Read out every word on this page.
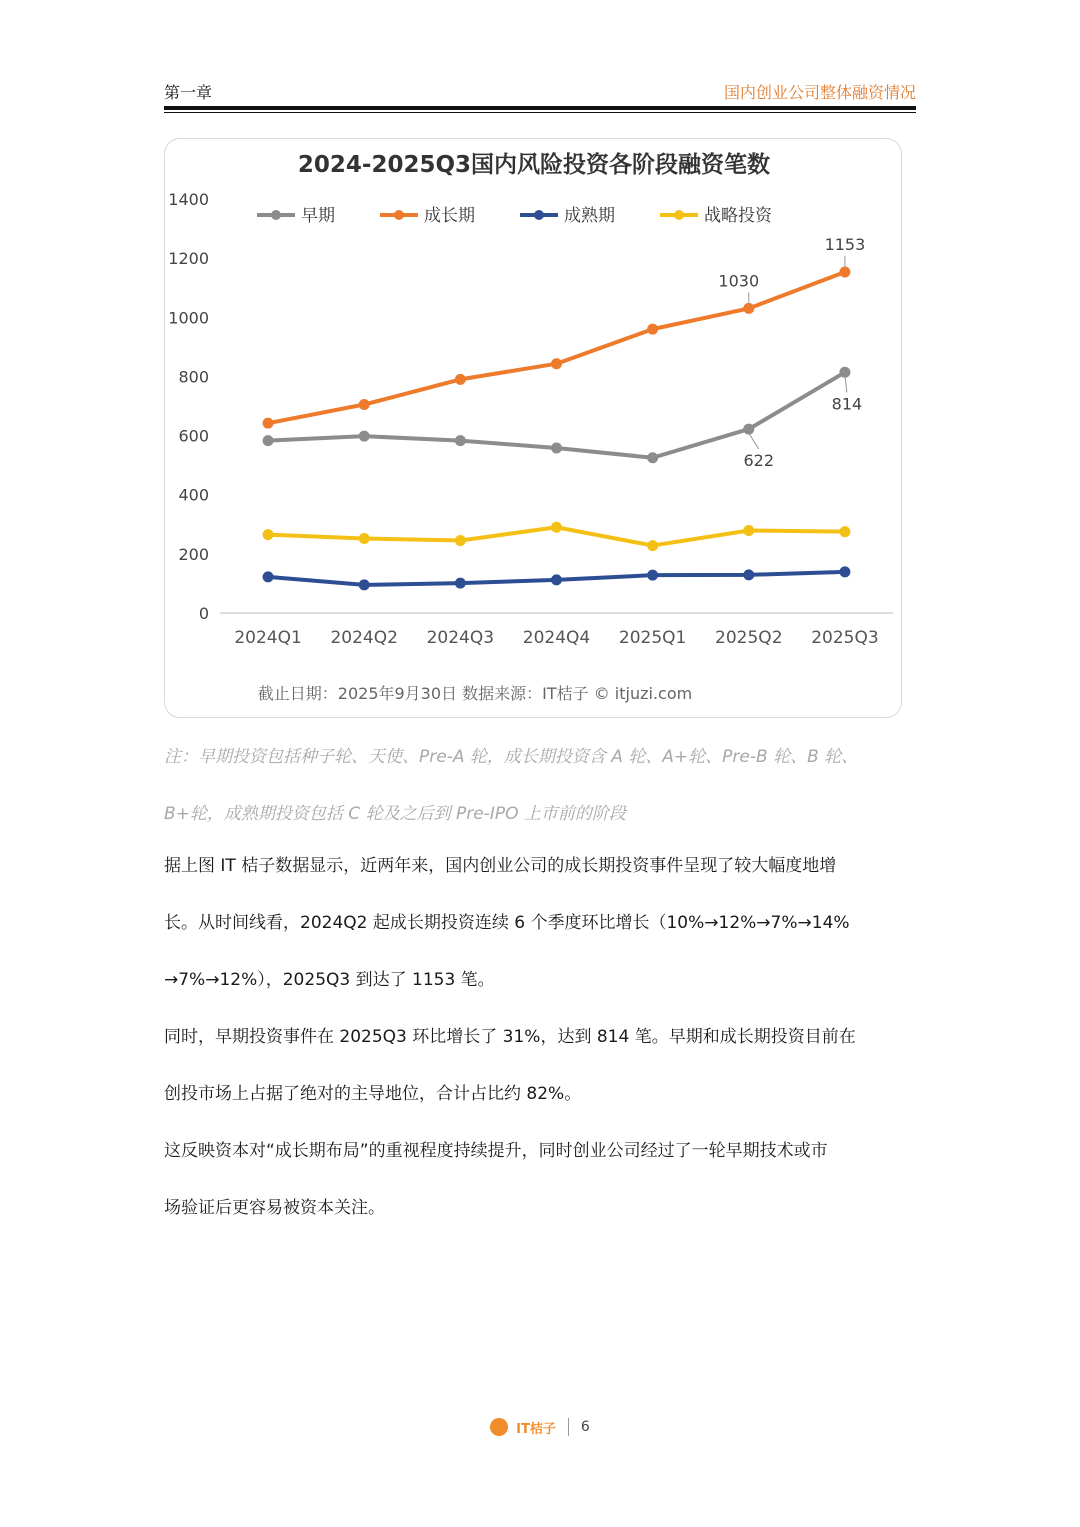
第一章	国内创业公司整体融资情况
2024-2025Q3国内风险投资各阶段融资笔数
0
200
400
600
800
1000
1200
1400
2024Q1 2024Q2 2024Q3 2024Q4 2025Q1 2025Q2 2025Q3
早期	成长期	成熟期	战略投资
1030
1153
622
814
截止日期：2025年9月30日 数据来源：IT桔子 © itjuzi.com
注：早期投资包括种子轮、天使、Pre-A 轮，成长期投资含 A 轮、A+轮、Pre-B 轮、B 轮、
B+轮，成熟期投资包括 C 轮及之后到 Pre-IPO 上市前的阶段
据上图 IT 桔子数据显示，近两年来，国内创业公司的成长期投资事件呈现了较大幅度地增
长。从时间线看，2024Q2 起成长期投资连续 6 个季度环比增长（10%→12%→7%→14%
→7%→12%），2025Q3 到达了 1153 笔。
同时，早期投资事件在 2025Q3 环比增长了 31%，达到 814 笔。早期和成长期投资目前在
创投市场上占据了绝对的主导地位，合计占比约 82%。
这反映资本对“成长期布局”的重视程度持续提升，同时创业公司经过了一轮早期技术或市
场验证后更容易被资本关注。
IT桔子 6
